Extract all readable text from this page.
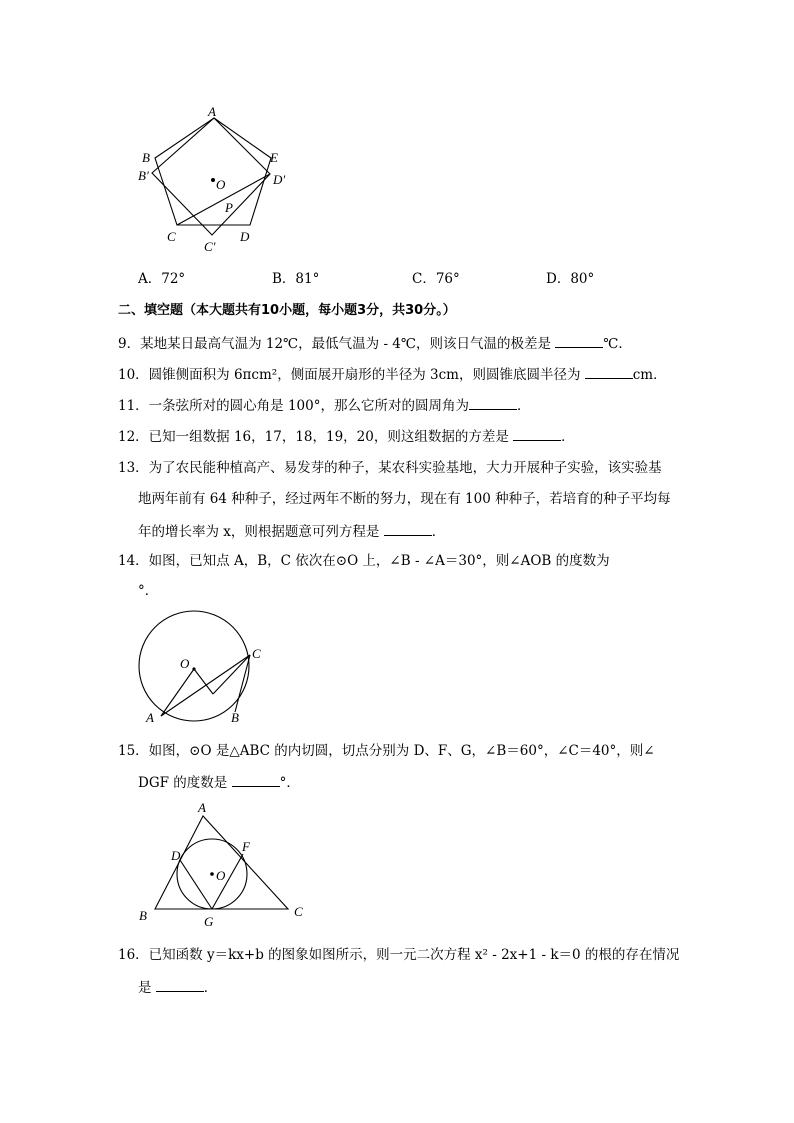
A
B
B′
C
C′
D
D′
E
O
P
A．72°	B．81°	C．76°	D．80°
二、填空题（本大题共有10小题，每小题3分，共30分。）
9．某地某日最高气温为 12℃，最低气温为 - 4℃，则该日气温的极差是	℃．
10．圆锥侧面积为 6πcm²，侧面展开扇形的半径为 3cm，则圆锥底圆半径为	cm．
11．一条弦所对的圆心角是 100°，那么它所对的圆周角为	．
12．已知一组数据 16，17，18，19，20，则这组数据的方差是	．
13．为了农民能种植高产、易发芽的种子，某农科实验基地，大力开展种子实验，该实验基
地两年前有 64 种种子，经过两年不断的努力，现在有 100 种种子，若培育的种子平均每
年的增长率为 x，则根据题意可列方程是	．
14．如图，已知点 A，B，C 依次在⊙O 上，∠B - ∠A＝30°，则∠AOB 的度数为
°．
O
A	B
C
15．如图，⊙O 是△ABC 的内切圆，切点分别为 D、F、G，∠B＝60°，∠C＝40°，则∠
DGF 的度数是	°．
A
B	C
D
F
G
O
16．已知函数 y＝kx+b 的图象如图所示，则一元二次方程 x² - 2x+1 - k＝0 的根的存在情况
是	．
